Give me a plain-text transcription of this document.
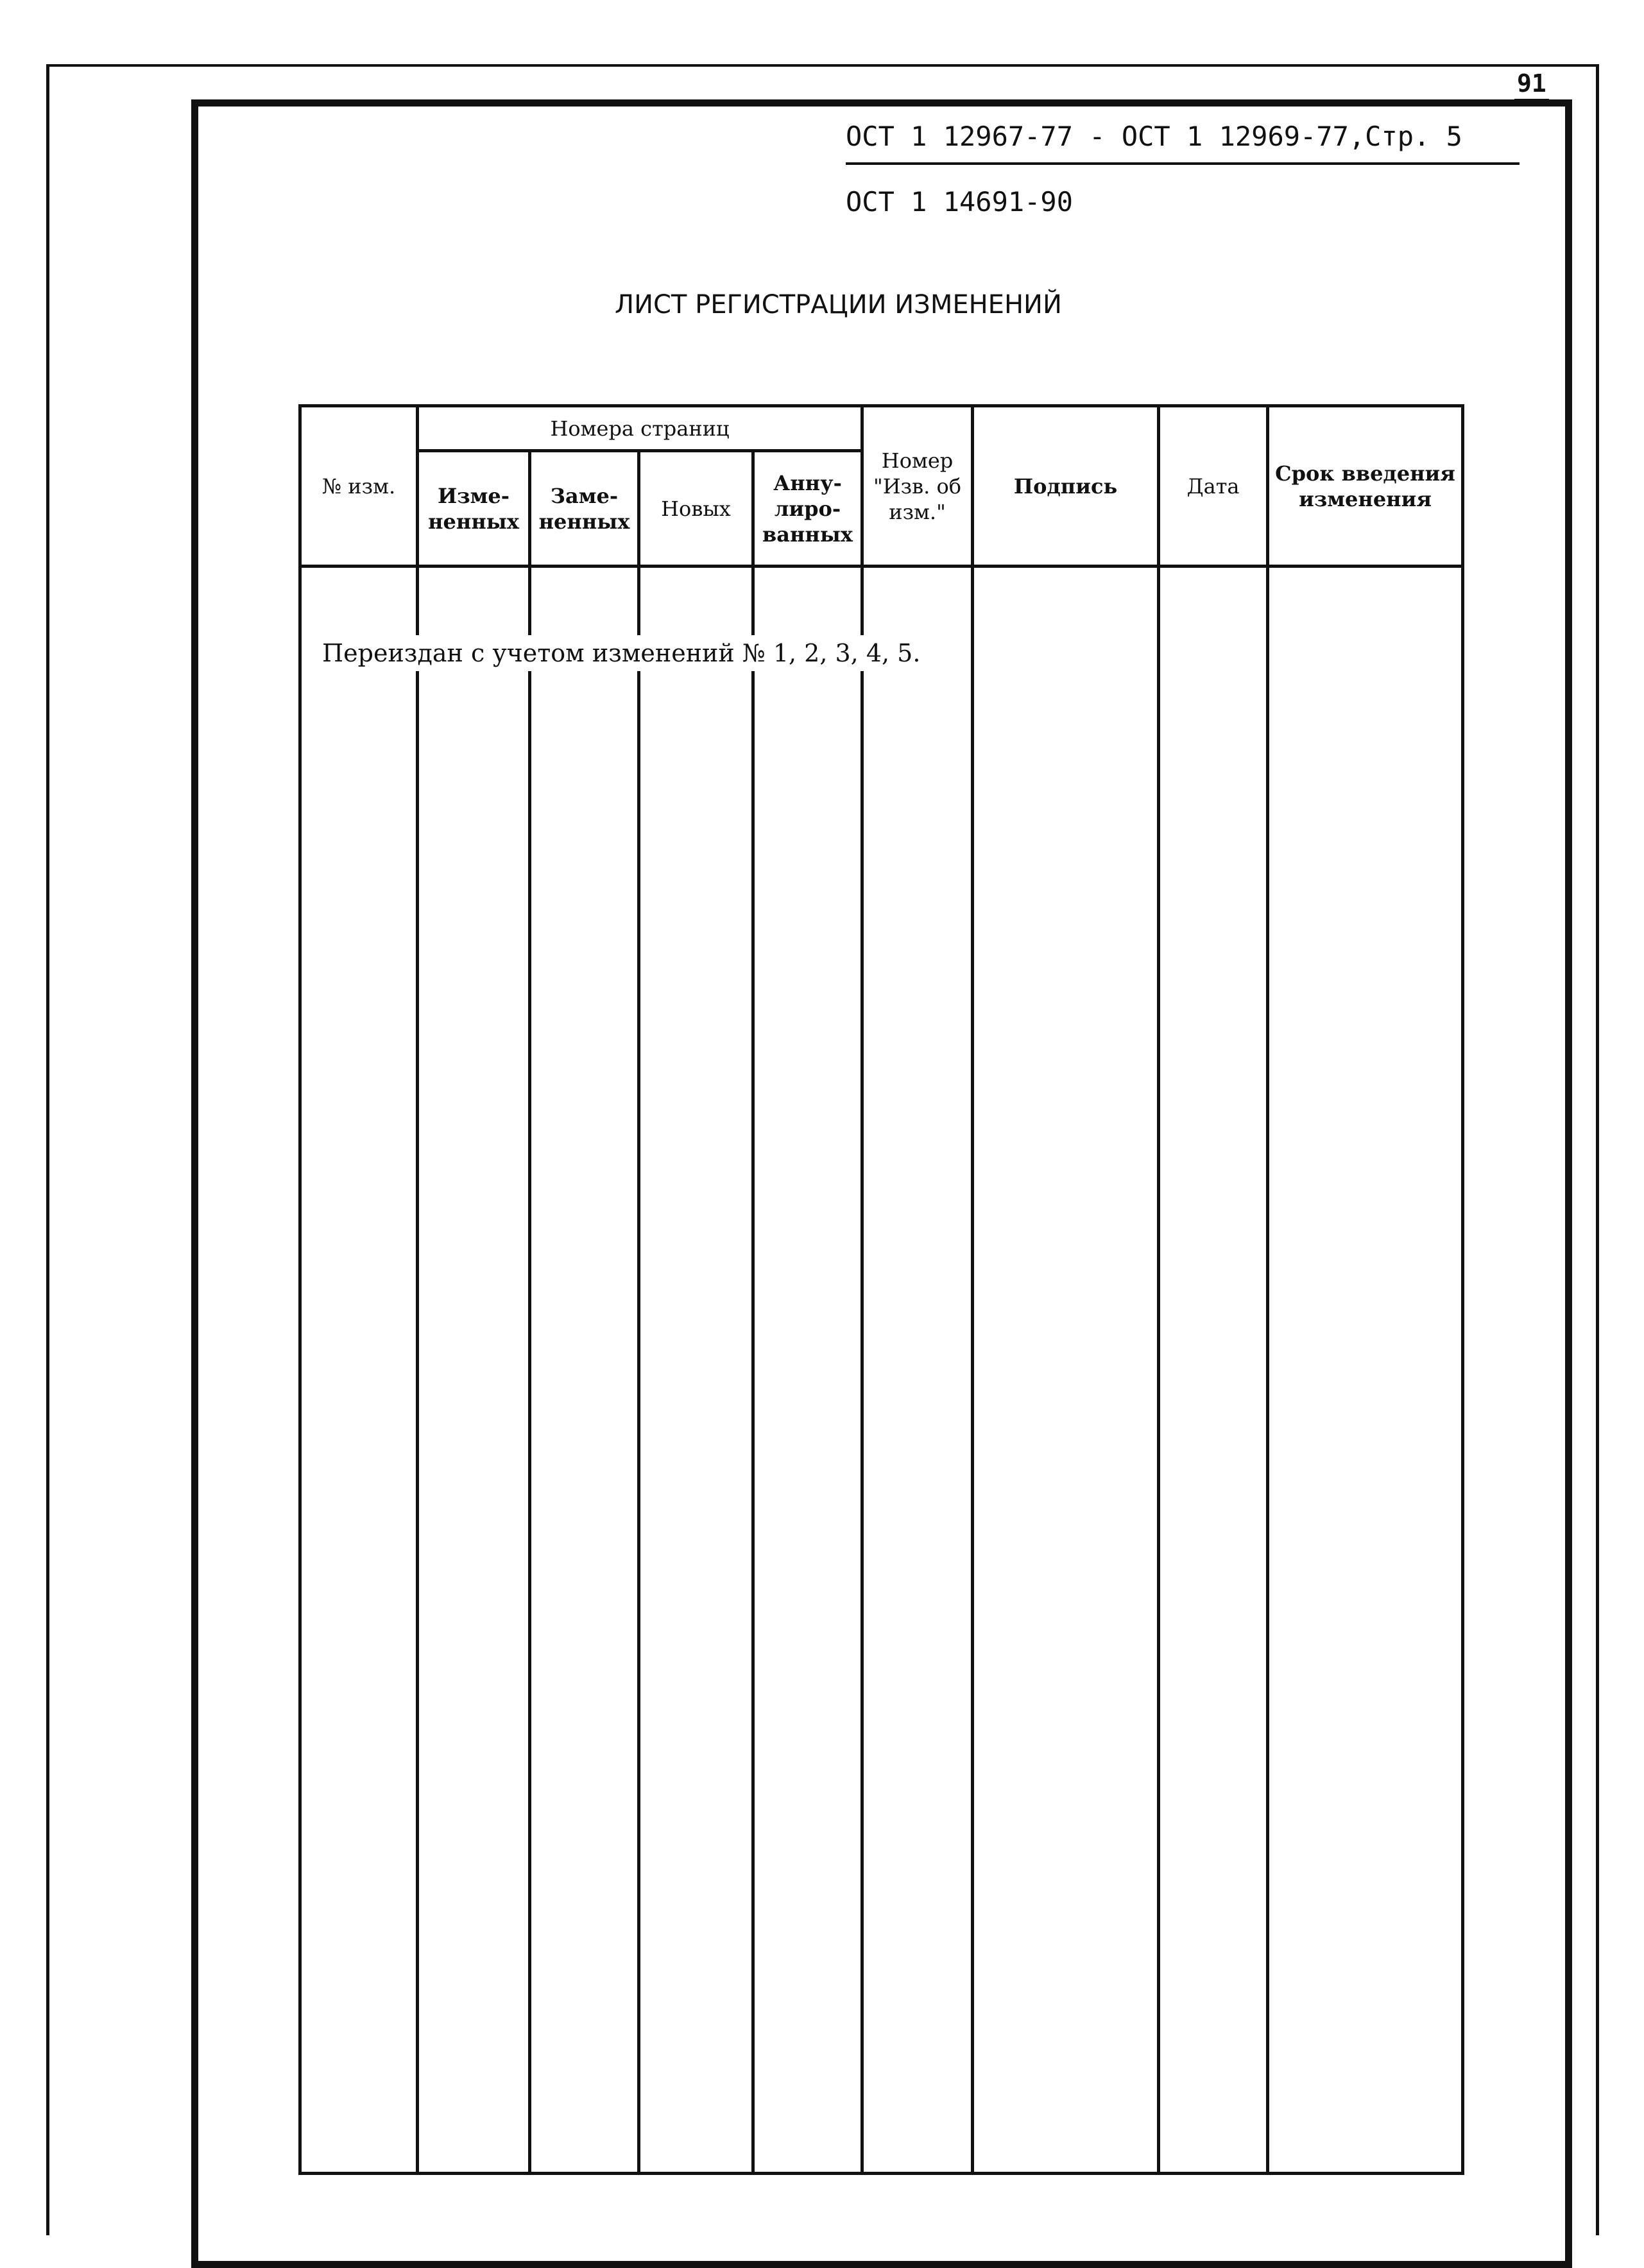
91
ОСТ 1 12967-77 - ОСТ 1 12969-77,Стр. 5
ОСТ 1 14691-90
ЛИСТ РЕГИСТРАЦИИ ИЗМЕНЕНИЙ
№ изм.	Номера страниц				Номер "Изв. об изм."	Подпись	Дата	Срок введения изменения
	Изме-ненных	Заме-ненных	Новых	Анну-лиро-ванных				

Переиздан с учетом изменений № 1, 2, 3, 4, 5.
